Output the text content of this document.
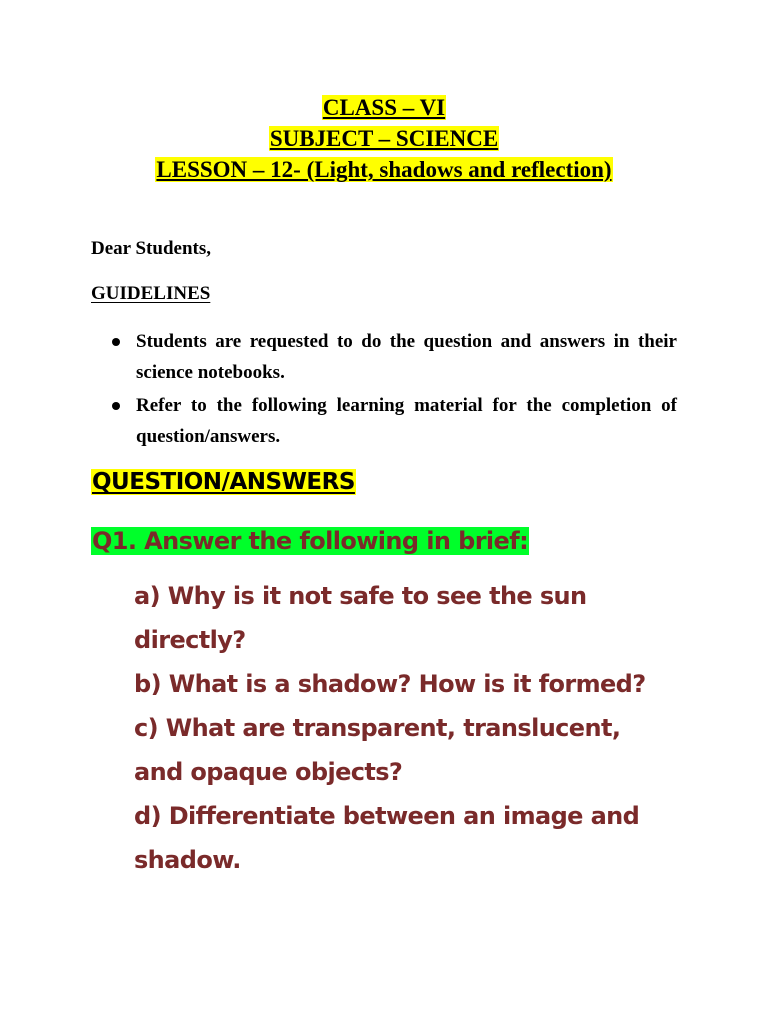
CLASS – VI
SUBJECT – SCIENCE
LESSON – 12- (Light, shadows and reflection)

Dear Students,

GUIDELINES

Students are requested to do the question and answers in their science notebooks.
Refer to the following learning material for the completion of question/answers.

QUESTION/ANSWERS

Q1. Answer the following in brief:

a) Why is it not safe to see the sun directly?
b) What is a shadow? How is it formed?
c) What are transparent, translucent, and opaque objects?
d) Differentiate between an image and shadow.
